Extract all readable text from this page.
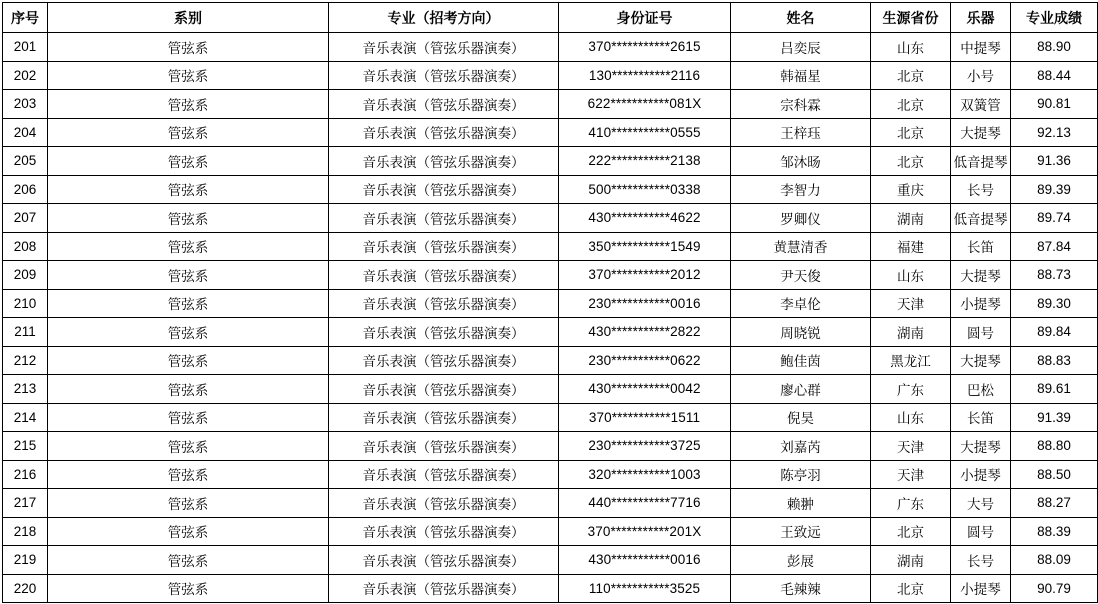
序号	系别	专业（招考方向）	身份证号	姓名	生源省份	乐器	专业成绩
201	管弦系	音乐表演（管弦乐器演奏）	370***********2615	吕奕辰	山东	中提琴	88.90
202	管弦系	音乐表演（管弦乐器演奏）	130***********2116	韩福星	北京	小号	88.44
203	管弦系	音乐表演（管弦乐器演奏）	622***********081X	宗科霖	北京	双簧管	90.81
204	管弦系	音乐表演（管弦乐器演奏）	410***********0555	王梓珏	北京	大提琴	92.13
205	管弦系	音乐表演（管弦乐器演奏）	222***********2138	邹沐旸	北京	低音提琴	91.36
206	管弦系	音乐表演（管弦乐器演奏）	500***********0338	李智力	重庆	长号	89.39
207	管弦系	音乐表演（管弦乐器演奏）	430***********4622	罗卿仪	湖南	低音提琴	89.74
208	管弦系	音乐表演（管弦乐器演奏）	350***********1549	黄慧清香	福建	长笛	87.84
209	管弦系	音乐表演（管弦乐器演奏）	370***********2012	尹天俊	山东	大提琴	88.73
210	管弦系	音乐表演（管弦乐器演奏）	230***********0016	李卓伦	天津	小提琴	89.30
211	管弦系	音乐表演（管弦乐器演奏）	430***********2822	周晓锐	湖南	圆号	89.84
212	管弦系	音乐表演（管弦乐器演奏）	230***********0622	鲍佳茵	黑龙江	大提琴	88.83
213	管弦系	音乐表演（管弦乐器演奏）	430***********0042	廖心群	广东	巴松	89.61
214	管弦系	音乐表演（管弦乐器演奏）	370***********1511	倪昊	山东	长笛	91.39
215	管弦系	音乐表演（管弦乐器演奏）	230***********3725	刘嘉芮	天津	大提琴	88.80
216	管弦系	音乐表演（管弦乐器演奏）	320***********1003	陈亭羽	天津	小提琴	88.50
217	管弦系	音乐表演（管弦乐器演奏）	440***********7716	赖翀	广东	大号	88.27
218	管弦系	音乐表演（管弦乐器演奏）	370***********201X	王致远	北京	圆号	88.39
219	管弦系	音乐表演（管弦乐器演奏）	430***********0016	彭展	湖南	长号	88.09
220	管弦系	音乐表演（管弦乐器演奏）	110***********3525	毛辣辣	北京	小提琴	90.79
